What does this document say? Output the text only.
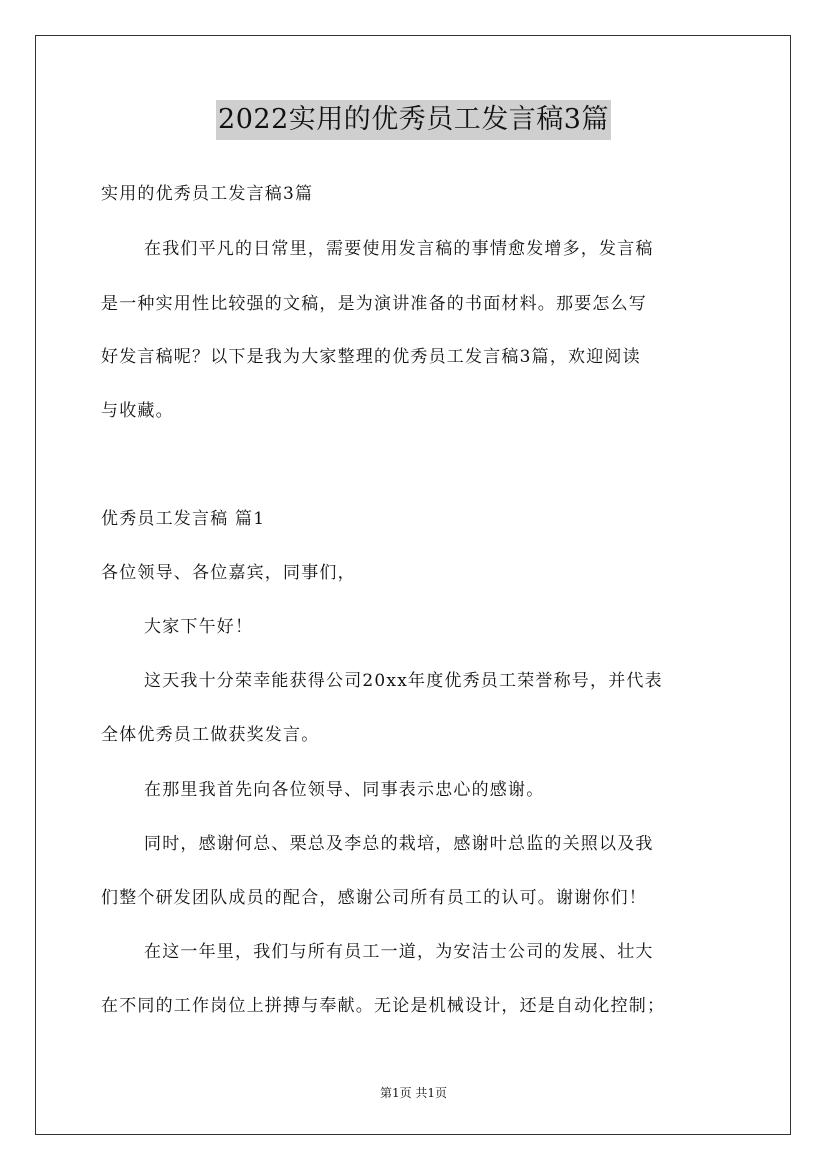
2022实用的优秀员工发言稿3篇
实用的优秀员工发言稿3篇
在我们平凡的日常里，需要使用发言稿的事情愈发增多，发言稿
是一种实用性比较强的文稿，是为演讲准备的书面材料。那要怎么写
好发言稿呢？以下是我为大家整理的优秀员工发言稿3篇，欢迎阅读
与收藏。
优秀员工发言稿 篇1
各位领导、各位嘉宾，同事们，
大家下午好！
这天我十分荣幸能获得公司20xx年度优秀员工荣誉称号，并代表
全体优秀员工做获奖发言。
在那里我首先向各位领导、同事表示忠心的感谢。
同时，感谢何总、栗总及李总的栽培，感谢叶总监的关照以及我
们整个研发团队成员的配合，感谢公司所有员工的认可。谢谢你们！
在这一年里，我们与所有员工一道，为安洁士公司的发展、壮大
在不同的工作岗位上拼搏与奉献。无论是机械设计，还是自动化控制；
第1页 共1页
